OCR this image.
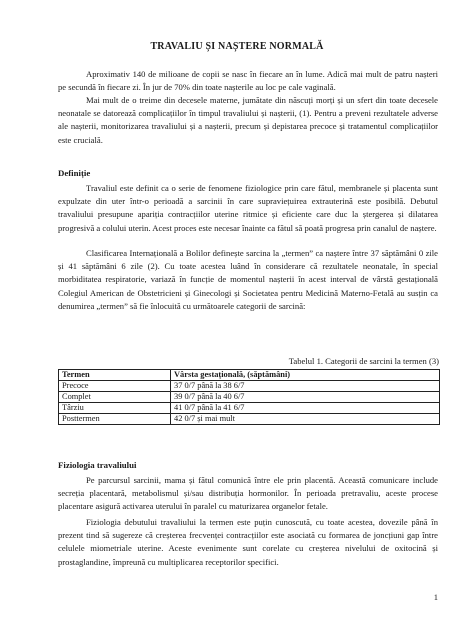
TRAVALIU ȘI NAȘTERE NORMALĂ

Aproximativ 140 de milioane de copii se nasc în fiecare an în lume. Adică mai mult de patru nașteri pe secundă în fiecare zi. În jur de 70% din toate nașterile au loc pe cale vaginală.

Mai mult de o treime din decesele materne, jumătate din născuți morți și un sfert din toate decesele neonatale se datorează complicațiilor în timpul travaliului și nașterii, (1). Pentru a preveni rezultatele adverse ale nașterii, monitorizarea travaliului și a nașterii, precum și depistarea precoce și tratamentul complicațiilor este crucială.

Definiție

Travaliul este definit ca o serie de fenomene fiziologice prin care fătul, membranele și placenta sunt expulzate din uter într-o perioadă a sarcinii în care supraviețuirea extrauterină este posibilă. Debutul travaliului presupune apariția contracțiilor uterine ritmice și eficiente care duc la ștergerea și dilatarea progresivă a colului uterin. Acest proces este necesar înainte ca fătul să poată progresa prin canalul de naștere.

Clasificarea Internațională a Bolilor definește sarcina la „termen” ca naștere între 37 săptămâni 0 zile și 41 săptămâni 6 zile (2). Cu toate acestea luând în considerare că rezultatele neonatale, în special morbiditatea respiratorie, variază în funcție de momentul nașterii în acest interval de vârstă gestațională Colegiul American de Obstetricieni și Ginecologi și Societatea pentru Medicină Materno-Fetală au susțin ca denumirea „termen” să fie înlocuită cu următoarele categorii de sarcină:

Tabelul 1. Categorii de sarcini la termen (3)
Termen	Vârsta gestațională, (săptămâni)
Precoce	37 0/7 până la 38 6/7
Complet	39 0/7 până la 40 6/7
Târziu	41 0/7 până la 41 6/7
Posttermen	42 0/7 și mai mult
Fiziologia travaliului

Pe parcursul sarcinii, mama și fătul comunică între ele prin placentă. Această comunicare include secreția placentară, metabolismul și/sau distribuția hormonilor. În perioada pretravaliu, aceste procese placentare asigură activarea uterului în paralel cu maturizarea organelor fetale.

Fiziologia debutului travaliului la termen este puțin cunoscută, cu toate acestea, dovezile până în prezent tind să sugereze că creșterea frecvenței contracțiilor este asociată cu formarea de joncțiuni gap între celulele miometriale uterine. Aceste evenimente sunt corelate cu creșterea nivelului de oxitocină și prostaglandine, împreună cu multiplicarea receptorilor specifici.

1
